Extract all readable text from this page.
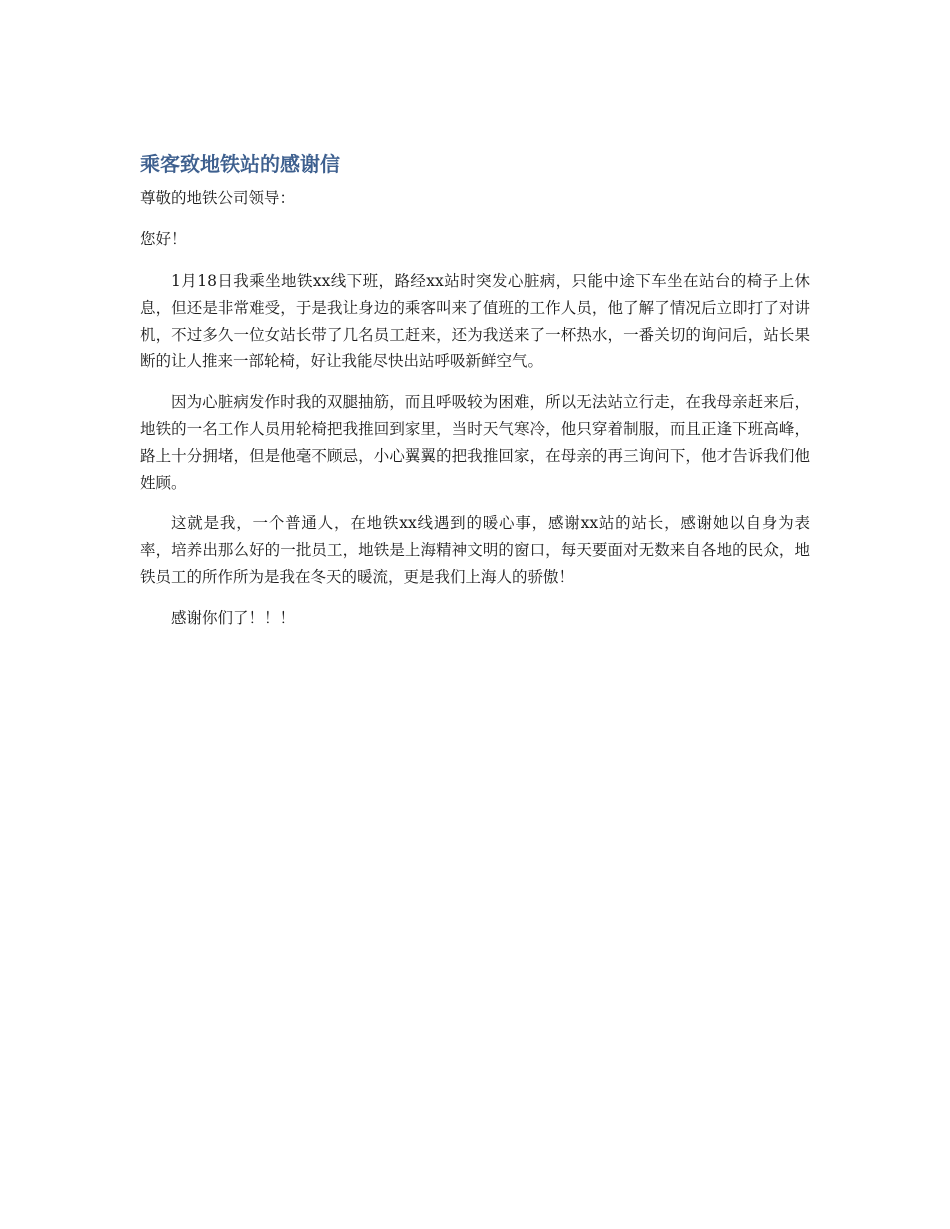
乘客致地铁站的感谢信

尊敬的地铁公司领导：

您好！

1月18日我乘坐地铁xx线下班，路经xx站时突发心脏病，只能中途下车坐在站台的椅子上休息，但还是非常难受，于是我让身边的乘客叫来了值班的工作人员，他了解了情况后立即打了对讲机，不过多久一位女站长带了几名员工赶来，还为我送来了一杯热水，一番关切的询问后，站长果断的让人推来一部轮椅，好让我能尽快出站呼吸新鲜空气。

因为心脏病发作时我的双腿抽筋，而且呼吸较为困难，所以无法站立行走，在我母亲赶来后，地铁的一名工作人员用轮椅把我推回到家里，当时天气寒冷，他只穿着制服，而且正逢下班高峰，路上十分拥堵，但是他毫不顾忌，小心翼翼的把我推回家，在母亲的再三询问下，他才告诉我们他姓顾。

这就是我，一个普通人，在地铁xx线遇到的暖心事，感谢xx站的站长，感谢她以自身为表率，培养出那么好的一批员工，地铁是上海精神文明的窗口，每天要面对无数来自各地的民众，地铁员工的所作所为是我在冬天的暖流，更是我们上海人的骄傲！

感谢你们了！！！
